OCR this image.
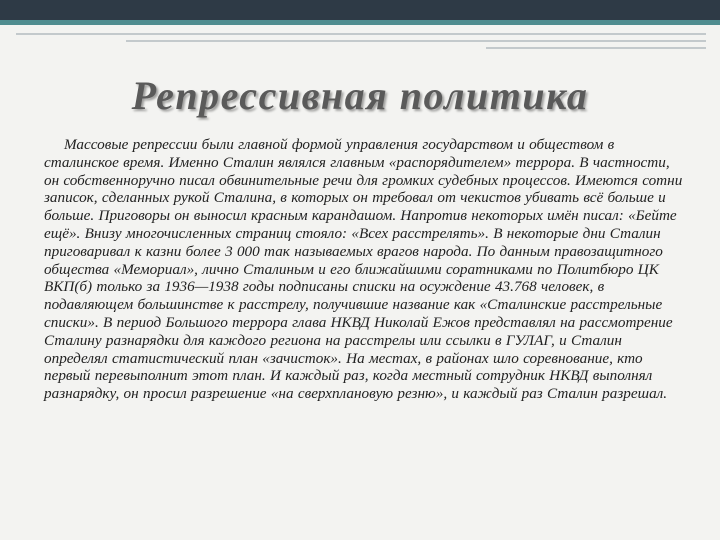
Репрессивная политика
Массовые репрессии были главной формой управления государством и обществом в сталинское время. Именно Сталин являлся главным «распорядителем» террора. В частности, он собственноручно писал обвинительные речи для громких судебных процессов. Имеются сотни записок, сделанных рукой Сталина, в которых он требовал от чекистов убивать всё больше и больше. Приговоры он выносил красным карандашом. Напротив некоторых имён писал: «Бейте ещё». Внизу многочисленных страниц стояло: «Всех расстрелять». В некоторые дни Сталин приговаривал к казни более 3 000 так называемых врагов народа. По данным правозащитного общества «Мемориал», лично Сталиным и его ближайшими соратниками по Политбюро ЦК ВКП(б) только за 1936—1938 годы подписаны списки на осуждение 43.768 человек, в подавляющем большинстве к расстрелу, получившие название как «Сталинские расстрельные списки». В период Большого террора глава НКВД Николай Ежов представлял на рассмотрение Сталину разнарядки для каждого региона на расстрелы или ссылки в ГУЛАГ, и Сталин определял статистический план «зачисток». На местах, в районах шло соревнование, кто первый перевыполнит этот план. И каждый раз, когда местный сотрудник НКВД выполнял разнарядку, он просил разрешение «на сверхплановую резню», и каждый раз Сталин разрешал.
